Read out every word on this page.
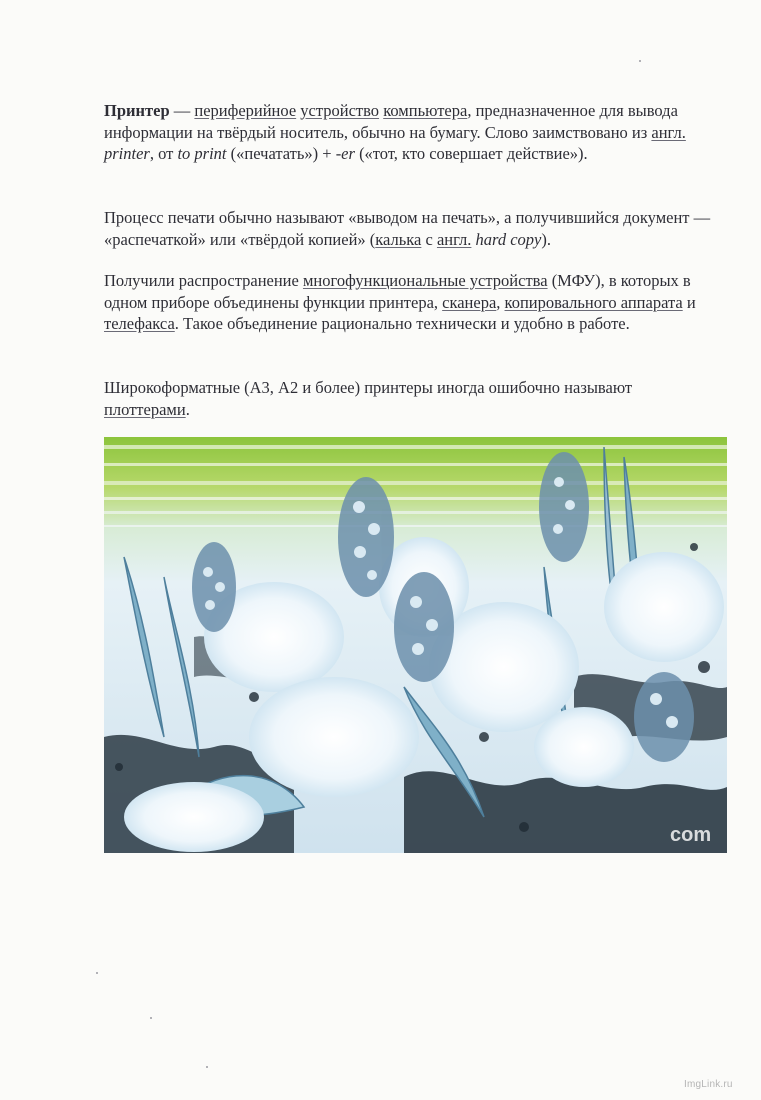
Принтер — периферийное устройство компьютера, предназначенное для вывода информации на твёрдый носитель, обычно на бумагу. Слово заимствовано из англ. printer, от to print («печатать») + -er («тот, кто совершает действие»).

Процесс печати обычно называют «выводом на печать», а получившийся документ — «распечаткой» или «твёрдой копией» (калька с англ. hard copy).

Получили распространение многофункциональные устройства (МФУ), в которых в одном приборе объединены функции принтера, сканера, копировального аппарата и телефакса. Такое объединение рационально технически и удобно в работе.

Широкоформатные (А3, А2 и более) принтеры иногда ошибочно называют плоттерами.

com
ImgLink.ru
